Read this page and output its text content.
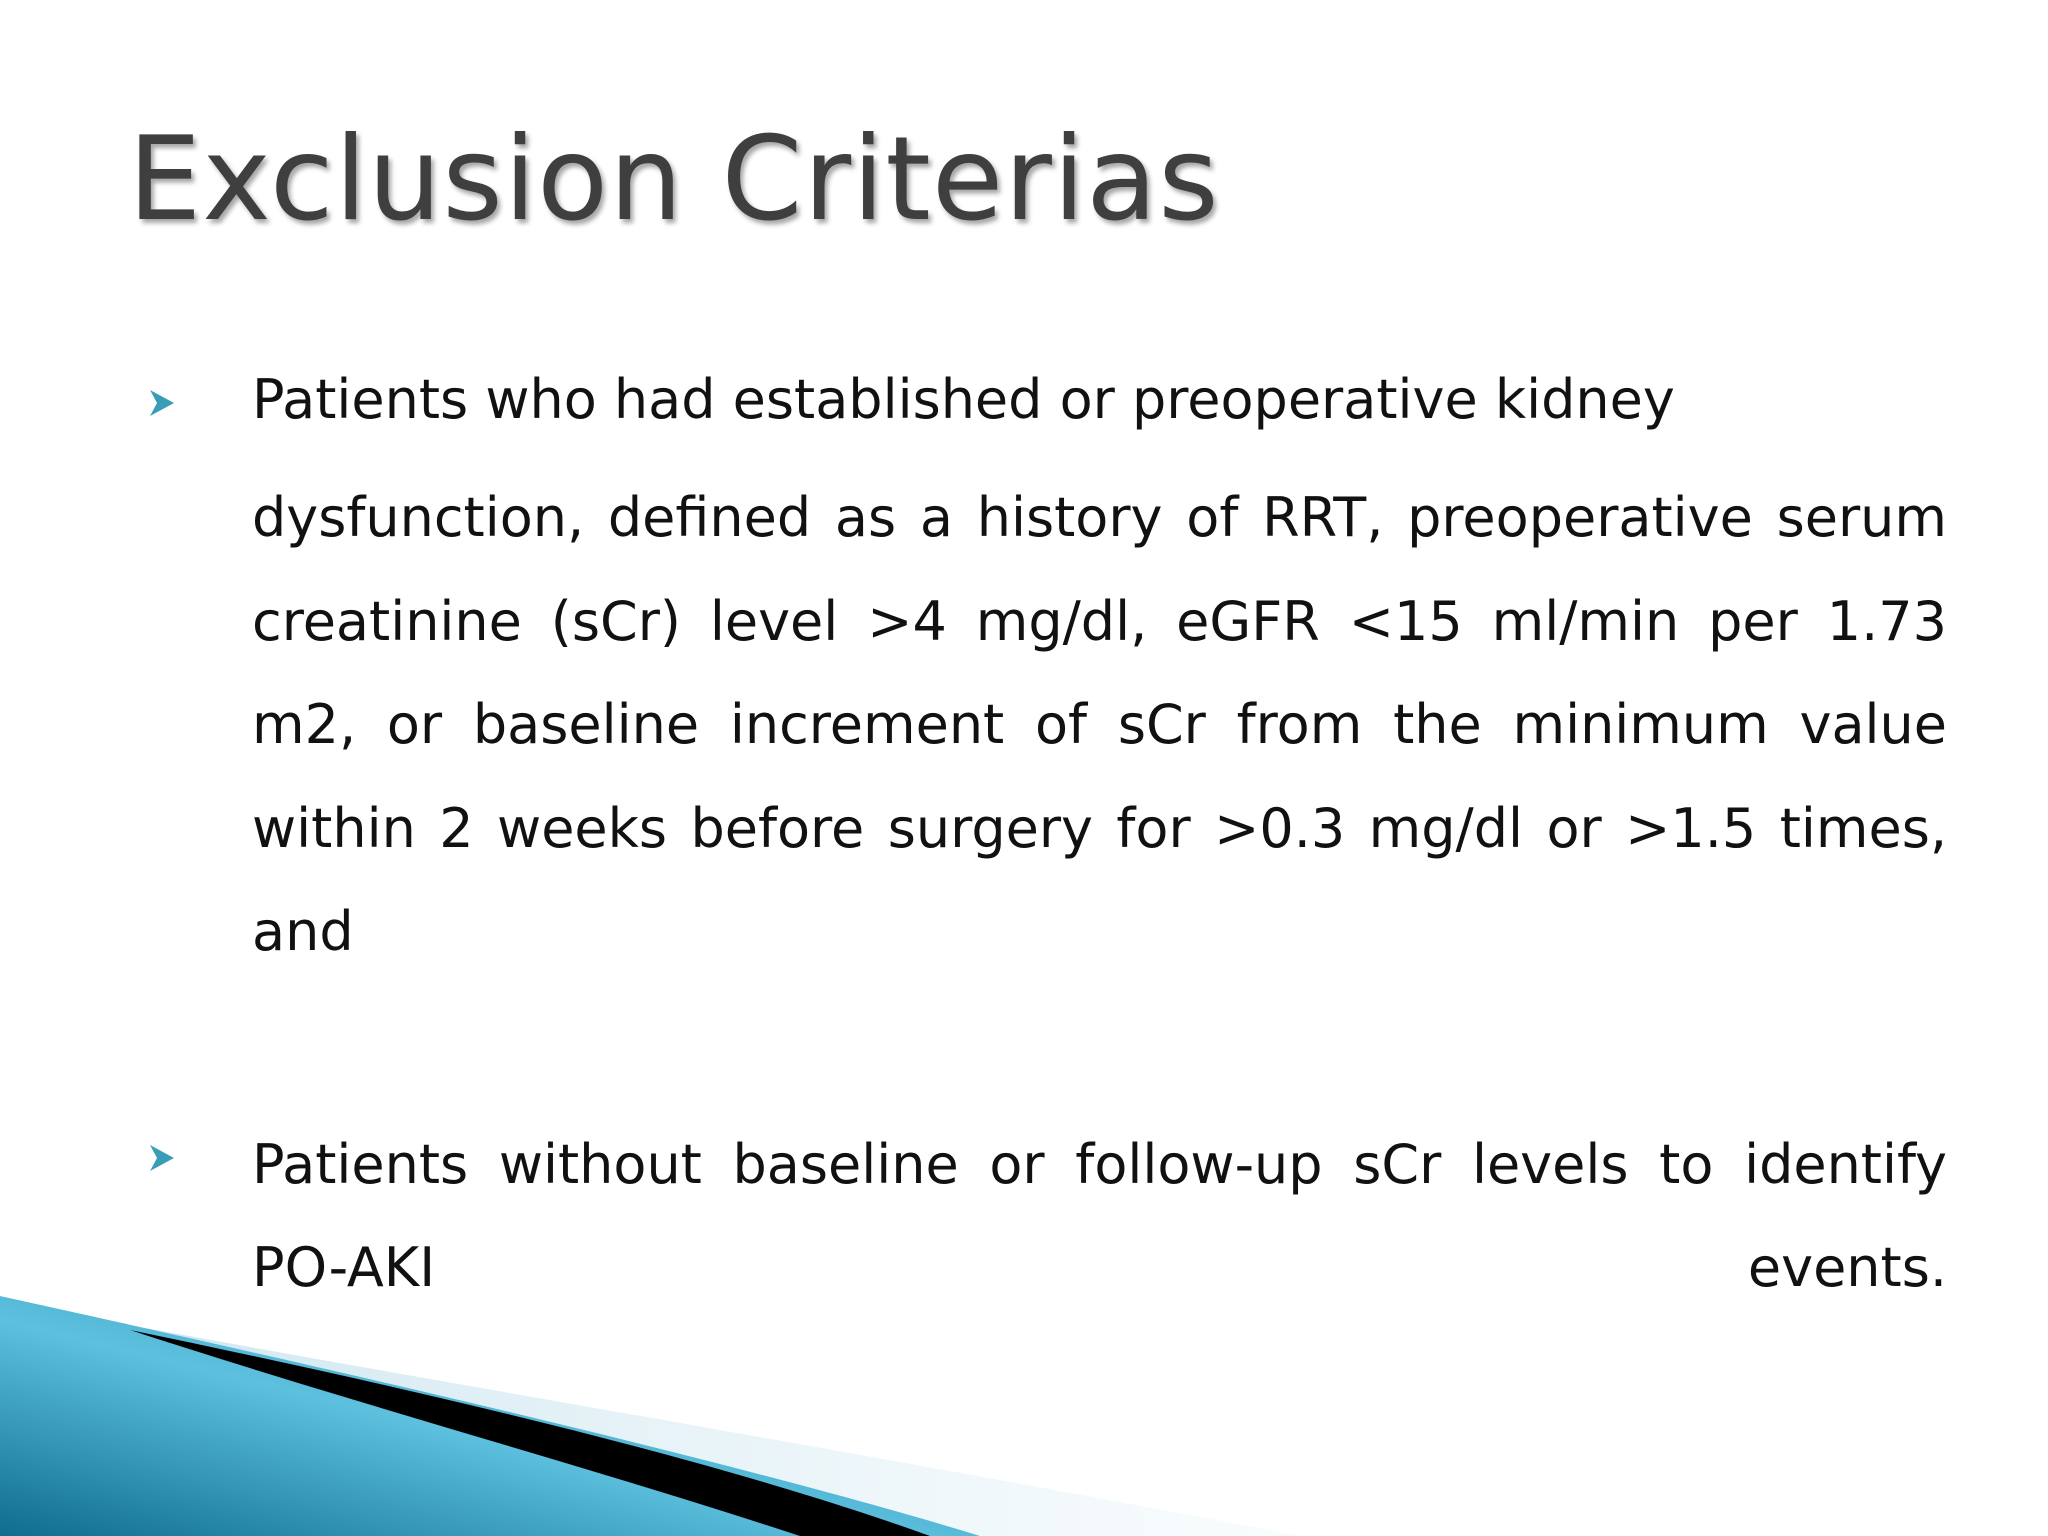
Exclusion Criterias
Patients who had established or preoperative kidney
dysfunction, defined as a history of RRT, preoperative serum creatinine (sCr) level >4 mg/dl, eGFR <15 ml/min per 1.73 m2, or baseline increment of sCr from the minimum value within 2 weeks before surgery for >0.3 mg/dl or >1.5 times, and
Patients without baseline or follow-up sCr levels to identify PO-AKI events.
